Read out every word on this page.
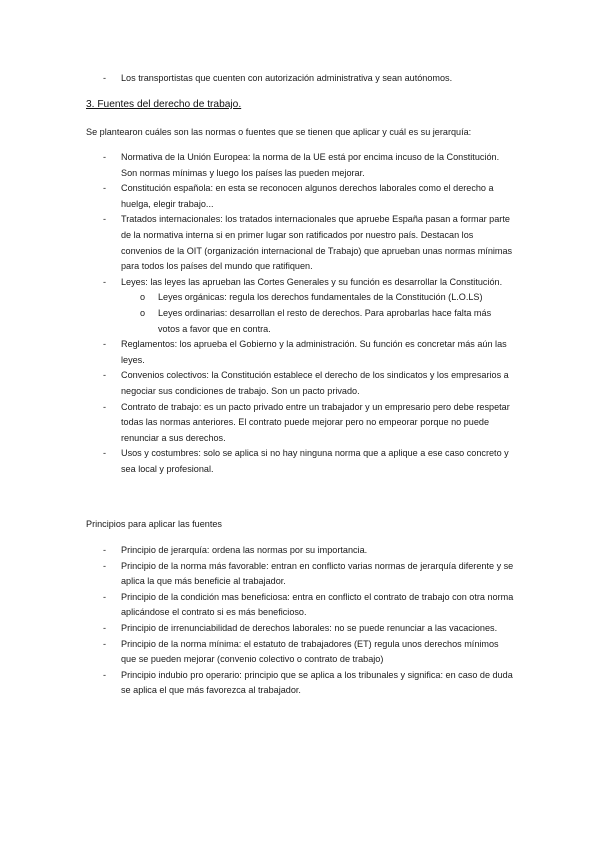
- Los transportistas que cuenten con autorización administrativa y sean autónomos.
3. Fuentes del derecho de trabajo.
Se plantearon cuáles son las normas o fuentes que se tienen que aplicar y cuál es su jerarquía:
- Normativa de la Unión Europea: la norma de la UE está por encima incuso de la Constitución. Son normas mínimas y luego los países las pueden mejorar.
- Constitución española: en esta se reconocen algunos derechos laborales como el derecho a huelga, elegir trabajo...
- Tratados internacionales: los tratados internacionales que apruebe España pasan a formar parte de la normativa interna si en primer lugar son ratificados por nuestro país. Destacan los convenios de la OIT (organización internacional de Trabajo) que aprueban unas normas mínimas para todos los países del mundo que ratifiquen.
- Leyes: las leyes las aprueban las Cortes Generales y su función es desarrollar la Constitución.
o Leyes orgánicas: regula los derechos fundamentales de la Constitución (L.O.LS)
o Leyes ordinarias: desarrollan el resto de derechos. Para aprobarlas hace falta más votos a favor que en contra.
- Reglamentos: los aprueba el Gobierno y la administración. Su función es concretar más aún las leyes.
- Convenios colectivos: la Constitución establece el derecho de los sindicatos y los empresarios a negociar sus condiciones de trabajo. Son un pacto privado.
- Contrato de trabajo: es un pacto privado entre un trabajador y un empresario pero debe respetar todas las normas anteriores. El contrato puede mejorar pero no empeorar porque no puede renunciar a sus derechos.
- Usos y costumbres: solo se aplica si no hay ninguna norma que a aplique a ese caso concreto y sea local y profesional.
Principios para aplicar las fuentes
- Principio de jerarquía: ordena las normas por su importancia.
- Principio de la norma más favorable: entran en conflicto varias normas de jerarquía diferente y se aplica la que más beneficie al trabajador.
- Principio de la condición mas beneficiosa: entra en conflicto el contrato de trabajo con otra norma aplicándose el contrato si es más beneficioso.
- Principio de irrenunciabilidad de derechos laborales: no se puede renunciar a las vacaciones.
- Principio de la norma mínima: el estatuto de trabajadores (ET) regula unos derechos mínimos que se pueden mejorar (convenio colectivo o contrato de trabajo)
- Principio indubio pro operario: principio que se aplica a los tribunales y significa: en caso de duda se aplica el que más favorezca al trabajador.
